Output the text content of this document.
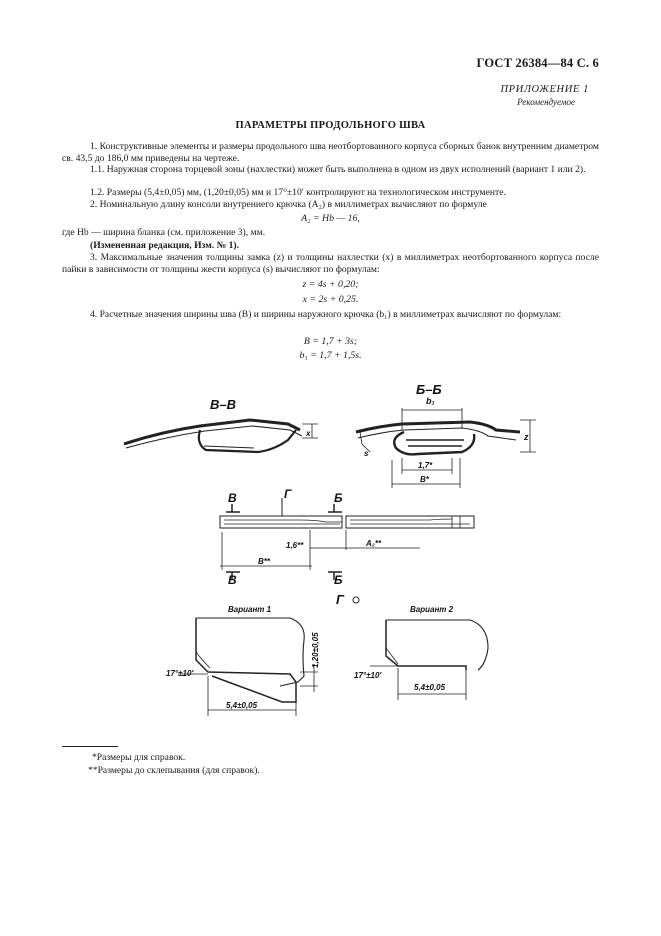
ГОСТ 26384—84 С. 6
ПРИЛОЖЕНИЕ 1
Рекомендуемое
ПАРАМЕТРЫ ПРОДОЛЬНОГО ШВА
1. Конструктивные элементы и размеры продольного шва неотбортованного корпуса сборных банок внутренним диаметром св. 43,5 до 186,0 мм приведены на чертеже.
1.1. Наружная сторона торцевой зоны (нахлестки) может быть выполнена в одном из двух исполнений (вариант 1 или 2).
1.2. Размеры (5,4±0,05) мм, (1,20±0,05) мм и 17°±10′ контролируют на технологическом инструменте.
2. Номинальную длину консоли внутреннего крючка (A₂) в миллиметрах вычисляют по формуле
A₂ = Hb — 16,
где Hb — ширина бланка (см. приложение 3), мм.
(Измененная редакция, Изм. № 1).
3. Максимальные значения толщины замка (z) и толщины нахлестки (x) в миллиметрах неотбортованного корпуса после пайки в зависимости от толщины жести корпуса (s) вычисляют по формулам:
z = 4s + 0,20;
x = 2s + 0,25.
4. Расчетные значения ширины шва (B) и ширины наружного крючка (b₁) в миллиметрах вычисляют по формулам:
B = 1,7 + 3s;
b₁ = 1,7 + 1,5s.
В–В
x
Б–Б
b₁
z
s
1,7*
B*
В	Г	Б
1,6**	A₂**
B**
В	Б
Г
Вариант 1
17°±10′
5,4±0,05
1,20±0,05
Вариант 2
17°±10′
5,4±0,05
*Размеры для справок.
**Размеры до склепывания (для справок).
